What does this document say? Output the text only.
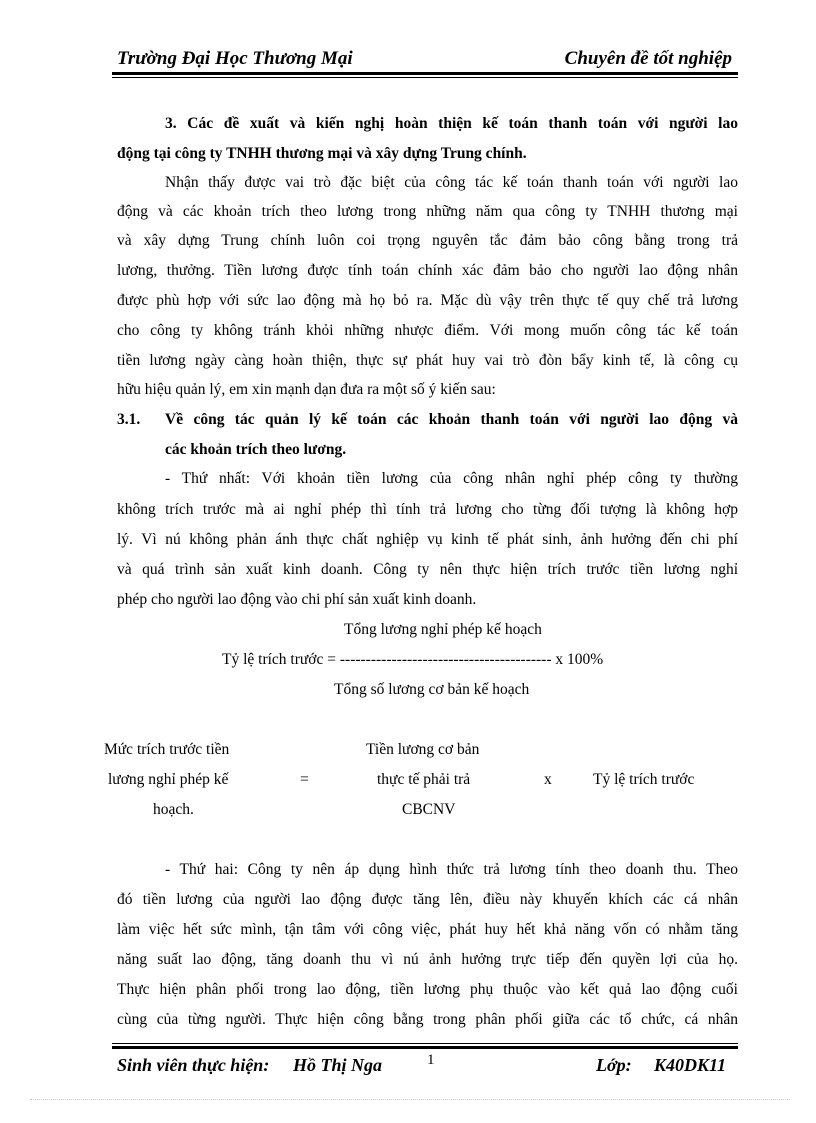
Trường Đại Học Thương Mại	Chuyên đề tốt nghiệp
3. Các đề xuất và kiến nghị hoàn thiện kế toán thanh toán với người lao
động tại công ty TNHH thương mại và xây dựng Trung chính.
Nhận thấy được vai trò đặc biệt của công tác kế toán thanh toán với người lao
động và các khoản trích theo lương trong những năm qua công ty TNHH thương mại
và xây dựng Trung chính luôn coi trọng nguyên tắc đảm bảo công bằng trong trả
lương, thưởng. Tiền lương được tính toán chính xác đảm bảo cho người lao động nhân
được phù hợp với sức lao động mà họ bỏ ra. Mặc dù vậy trên thực tế quy chế trả lương
cho công ty không tránh khỏi những nhược điểm. Với mong muốn công tác kế toán
tiền lương ngày càng hoàn thiện, thực sự phát huy vai trò đòn bẩy kinh tế, là công cụ
hữu hiệu quản lý, em xin mạnh dạn đưa ra một số ý kiến sau:
3.1. Về công tác quản lý kế toán các khoản thanh toán với người lao động và
các khoản trích theo lương.
- Thứ nhất: Với khoản tiền lương của công nhân nghỉ phép công ty thường
không trích trước mà ai nghỉ phép thì tính trả lương cho từng đối tượng là không hợp
lý. Vì nú không phản ánh thực chất nghiệp vụ kinh tế phát sinh, ảnh hưởng đến chi phí
và quá trình sản xuất kinh doanh. Công ty nên thực hiện trích trước tiền lương nghỉ
phép cho người lao động vào chi phí sản xuất kinh doanh.
Tổng lương nghỉ phép kế hoạch
Tỷ lệ trích trước = ----------------------------------------- x 100%
Tổng số lương cơ bản kế hoạch
Mức trích trước tiền
lương nghỉ phép kế
hoạch.
=
Tiền lương cơ bản
thực tế phải trả
CBCNV
x	Tỷ lệ trích trước
- Thứ hai: Công ty nên áp dụng hình thức trả lương tính theo doanh thu. Theo
đó tiền lương của người lao động được tăng lên, điều này khuyến khích các cá nhân
làm việc hết sức mình, tận tâm với công việc, phát huy hết khả năng vốn có nhằm tăng
năng suất lao động, tăng doanh thu vì nú ảnh hưởng trực tiếp đến quyền lợi của họ.
Thực hiện phân phối trong lao động, tiền lương phụ thuộc vào kết quả lao động cuối
cùng của từng người. Thực hiện công bằng trong phân phối giữa các tổ chức, cá nhân
Sinh viên thực hiện: Hồ Thị Nga	1	Lớp: K40DK11
